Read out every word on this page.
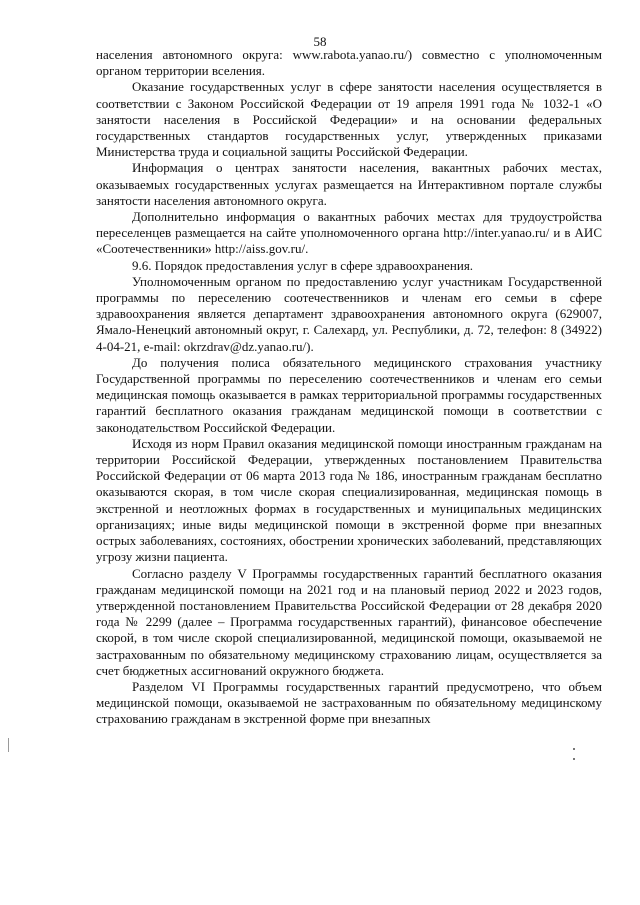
58

населения автономного округа: www.rabota.yanao.ru/) совместно с уполномоченным органом территории вселения.

Оказание государственных услуг в сфере занятости населения осуществляется в соответствии с Законом Российской Федерации от 19 апреля 1991 года № 1032-1 «О занятости населения в Российской Федерации» и на основании федеральных государственных стандартов государственных услуг, утвержденных приказами Министерства труда и социальной защиты Российской Федерации.

Информация о центрах занятости населения, вакантных рабочих местах, оказываемых государственных услугах размещается на Интерактивном портале службы занятости населения автономного округа.

Дополнительно информация о вакантных рабочих местах для трудоустройства переселенцев размещается на сайте уполномоченного органа http://inter.yanao.ru/ и в АИС «Соотечественники» http://aiss.gov.ru/.

9.6. Порядок предоставления услуг в сфере здравоохранения.

Уполномоченным органом по предоставлению услуг участникам Государственной программы по переселению соотечественников и членам его семьи в сфере здравоохранения является департамент здравоохранения автономного округа (629007, Ямало-Ненецкий автономный округ, г. Салехард, ул. Республики, д. 72, телефон: 8 (34922) 4-04-21, e-mail: okrzdrav@dz.yanao.ru/).

До получения полиса обязательного медицинского страхования участнику Государственной программы по переселению соотечественников и членам его семьи медицинская помощь оказывается в рамках территориальной программы государственных гарантий бесплатного оказания гражданам медицинской помощи в соответствии с законодательством Российской Федерации.

Исходя из норм Правил оказания медицинской помощи иностранным гражданам на территории Российской Федерации, утвержденных постановлением Правительства Российской Федерации от 06 марта 2013 года № 186, иностранным гражданам бесплатно оказываются скорая, в том числе скорая специализированная, медицинская помощь в экстренной и неотложных формах в государственных и муниципальных медицинских организациях; иные виды медицинской помощи в экстренной форме при внезапных острых заболеваниях, состояниях, обострении хронических заболеваний, представляющих угрозу жизни пациента.

Согласно разделу V Программы государственных гарантий бесплатного оказания гражданам медицинской помощи на 2021 год и на плановый период 2022 и 2023 годов, утвержденной постановлением Правительства Российской Федерации от 28 декабря 2020 года № 2299 (далее – Программа государственных гарантий), финансовое обеспечение скорой, в том числе скорой специализированной, медицинской помощи, оказываемой не застрахованным по обязательному медицинскому страхованию лицам, осуществляется за счет бюджетных ассигнований окружного бюджета.

Разделом VI Программы государственных гарантий предусмотрено, что объем медицинской помощи, оказываемой не застрахованным по обязательному медицинскому страхованию гражданам в экстренной форме при внезапных
